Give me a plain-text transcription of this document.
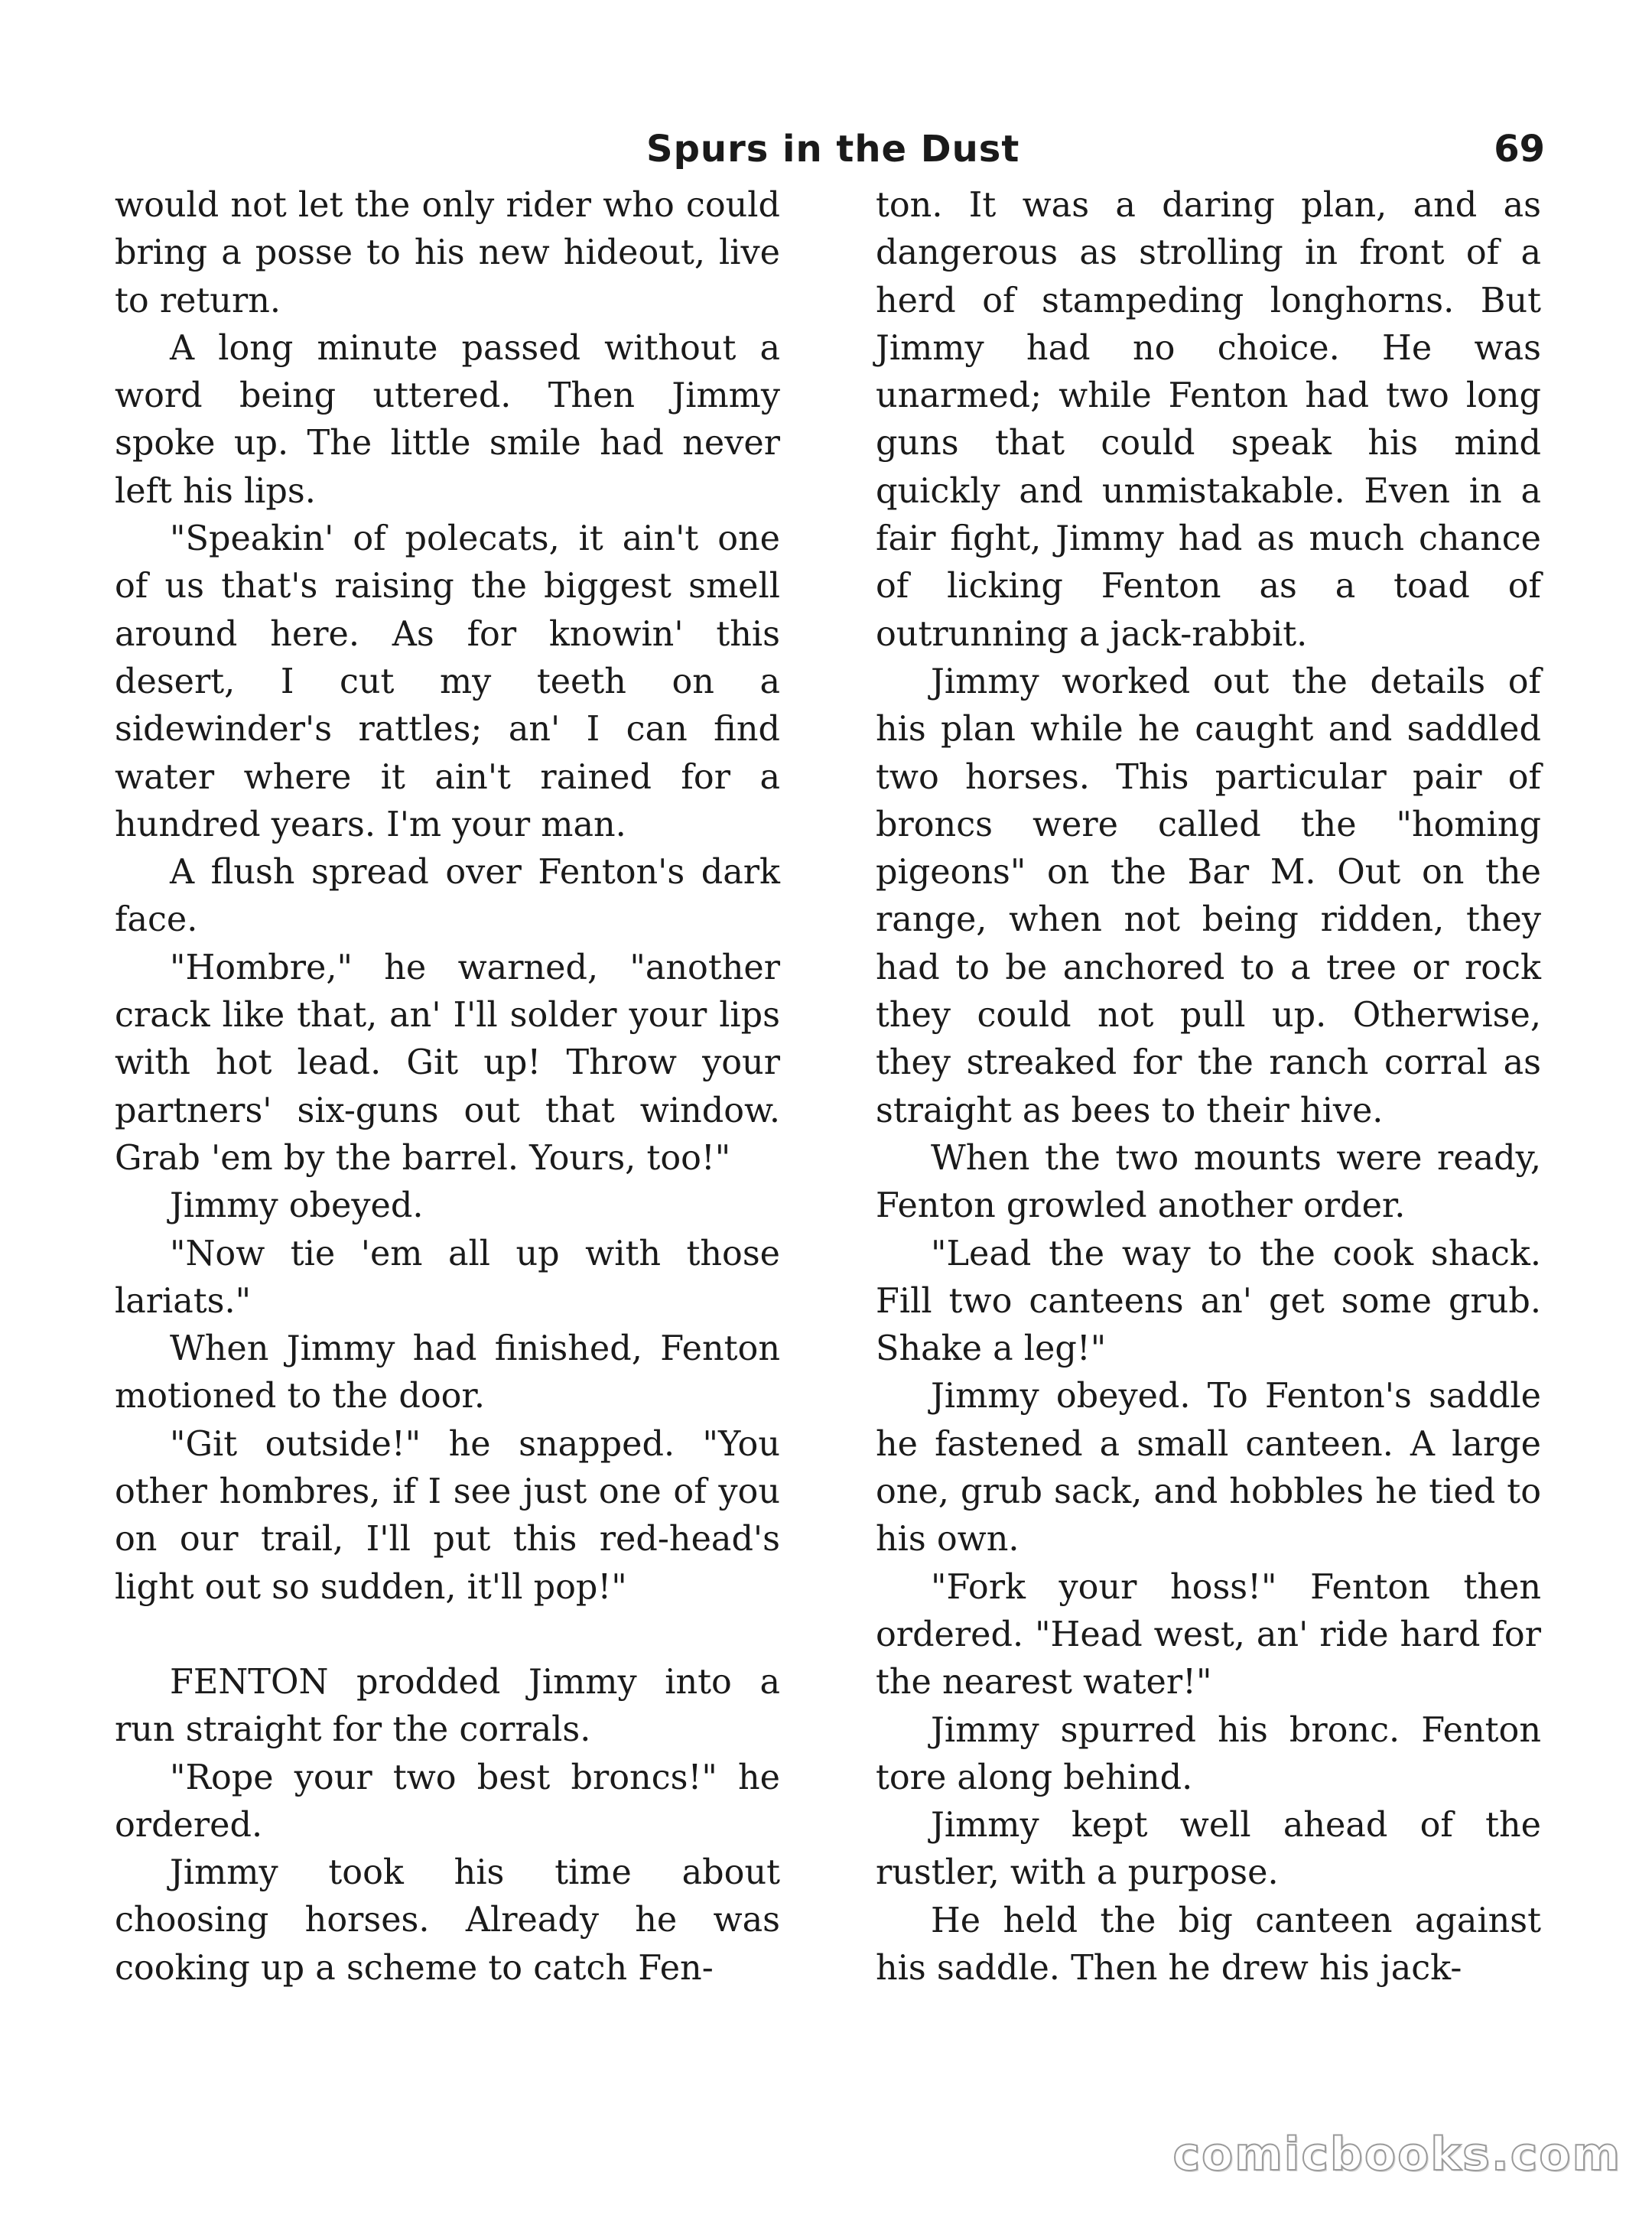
Spurs in the Dust	69

would not let the only rider who could bring a posse to his new hideout, live to return.

A long minute passed without a word being uttered. Then Jimmy spoke up. The little smile had never left his lips.

"Speakin' of polecats, it ain't one of us that's raising the biggest smell around here. As for knowin' this desert, I cut my teeth on a sidewinder's rattles; an' I can find water where it ain't rained for a hundred years. I'm your man.

A flush spread over Fenton's dark face.

"Hombre," he warned, "another crack like that, an' I'll solder your lips with hot lead. Git up! Throw your partners' six-guns out that window. Grab 'em by the barrel. Yours, too!"

Jimmy obeyed.

"Now tie 'em all up with those lariats."

When Jimmy had finished, Fenton motioned to the door.

"Git outside!" he snapped. "You other hombres, if I see just one of you on our trail, I'll put this red-head's light out so sudden, it'll pop!"

FENTON prodded Jimmy into a run straight for the corrals.

"Rope your two best broncs!" he ordered.

Jimmy took his time about choosing horses. Already he was cooking up a scheme to catch Fen-

ton. It was a daring plan, and as dangerous as strolling in front of a herd of stampeding longhorns. But Jimmy had no choice. He was unarmed; while Fenton had two long guns that could speak his mind quickly and unmistakable. Even in a fair fight, Jimmy had as much chance of licking Fenton as a toad of outrunning a jack-rabbit.

Jimmy worked out the details of his plan while he caught and saddled two horses. This particular pair of broncs were called the "homing pigeons" on the Bar M. Out on the range, when not being ridden, they had to be anchored to a tree or rock they could not pull up. Otherwise, they streaked for the ranch corral as straight as bees to their hive.

When the two mounts were ready, Fenton growled another order.

"Lead the way to the cook shack. Fill two canteens an' get some grub. Shake a leg!"

Jimmy obeyed. To Fenton's saddle he fastened a small canteen. A large one, grub sack, and hobbles he tied to his own.

"Fork your hoss!" Fenton then ordered. "Head west, an' ride hard for the nearest water!"

Jimmy spurred his bronc. Fenton tore along behind.

Jimmy kept well ahead of the rustler, with a purpose.

He held the big canteen against his saddle. Then he drew his jack-

comicbooks.com
